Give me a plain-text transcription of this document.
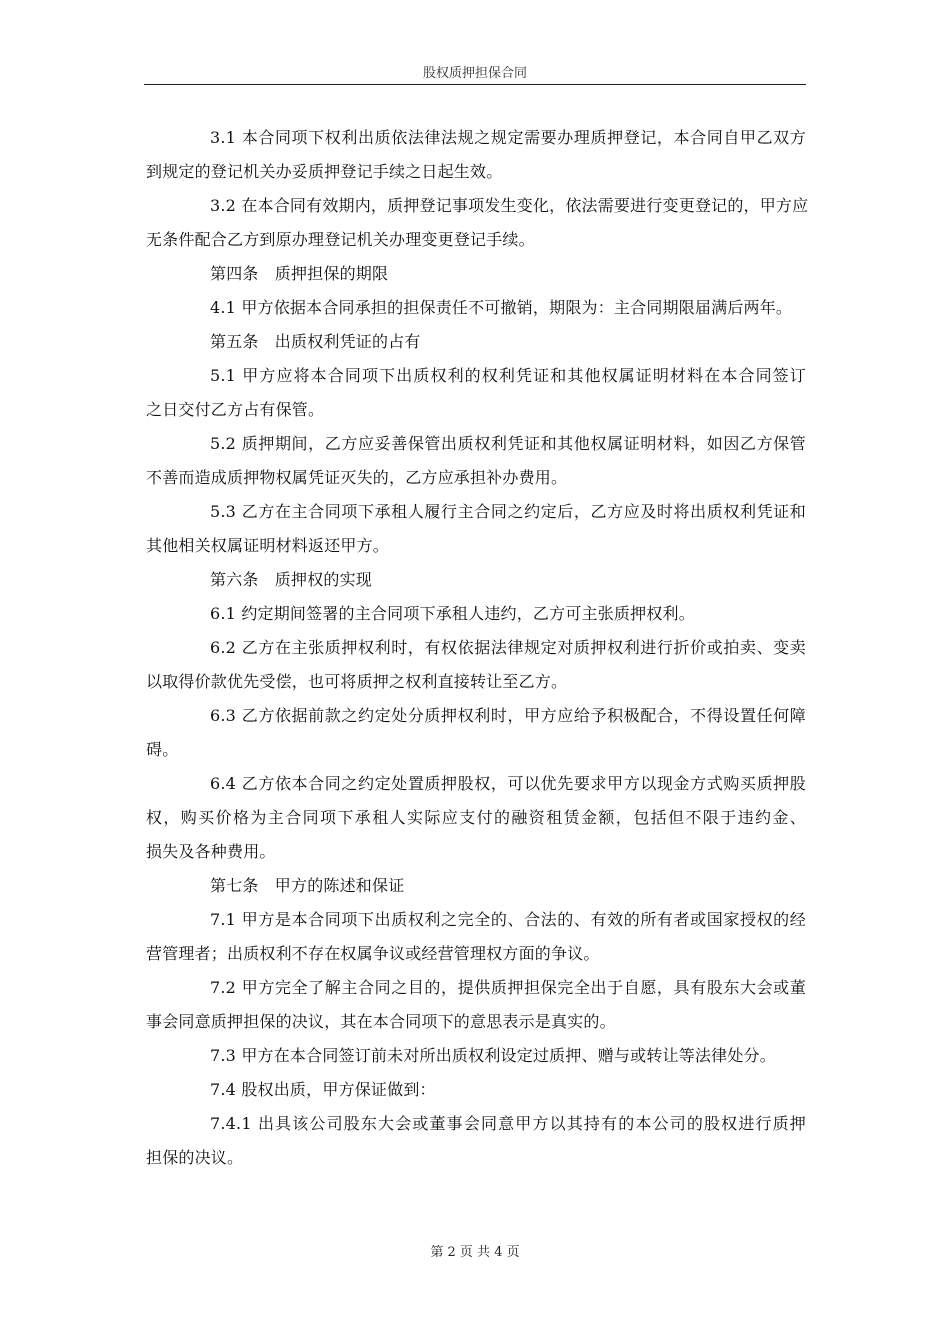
股权质押担保合同
3.1 本合同项下权利出质依法律法规之规定需要办理质押登记，本合同自甲乙双方
到规定的登记机关办妥质押登记手续之日起生效。
3.2 在本合同有效期内，质押登记事项发生变化，依法需要进行变更登记的，甲方应
无条件配合乙方到原办理登记机关办理变更登记手续。
第四条　质押担保的期限
4.1 甲方依据本合同承担的担保责任不可撤销，期限为：主合同期限届满后两年。
第五条　出质权利凭证的占有
5.1 甲方应将本合同项下出质权利的权利凭证和其他权属证明材料在本合同签订
之日交付乙方占有保管。
5.2 质押期间，乙方应妥善保管出质权利凭证和其他权属证明材料，如因乙方保管
不善而造成质押物权属凭证灭失的，乙方应承担补办费用。
5.3 乙方在主合同项下承租人履行主合同之约定后，乙方应及时将出质权利凭证和
其他相关权属证明材料返还甲方。
第六条　质押权的实现
6.1 约定期间签署的主合同项下承租人违约，乙方可主张质押权利。
6.2 乙方在主张质押权利时，有权依据法律规定对质押权利进行折价或拍卖、变卖
以取得价款优先受偿，也可将质押之权利直接转让至乙方。
6.3 乙方依据前款之约定处分质押权利时，甲方应给予积极配合，不得设置任何障
碍。
6.4 乙方依本合同之约定处置质押股权，可以优先要求甲方以现金方式购买质押股
权，购买价格为主合同项下承租人实际应支付的融资租赁金额，包括但不限于违约金、
损失及各种费用。
第七条　甲方的陈述和保证
7.1 甲方是本合同项下出质权利之完全的、合法的、有效的所有者或国家授权的经
营管理者；出质权利不存在权属争议或经营管理权方面的争议。
7.2 甲方完全了解主合同之目的，提供质押担保完全出于自愿，具有股东大会或董
事会同意质押担保的决议，其在本合同项下的意思表示是真实的。
7.3 甲方在本合同签订前未对所出质权利设定过质押、赠与或转让等法律处分。
7.4 股权出质，甲方保证做到：
7.4.1 出具该公司股东大会或董事会同意甲方以其持有的本公司的股权进行质押
担保的决议。
第 2 页 共 4 页
